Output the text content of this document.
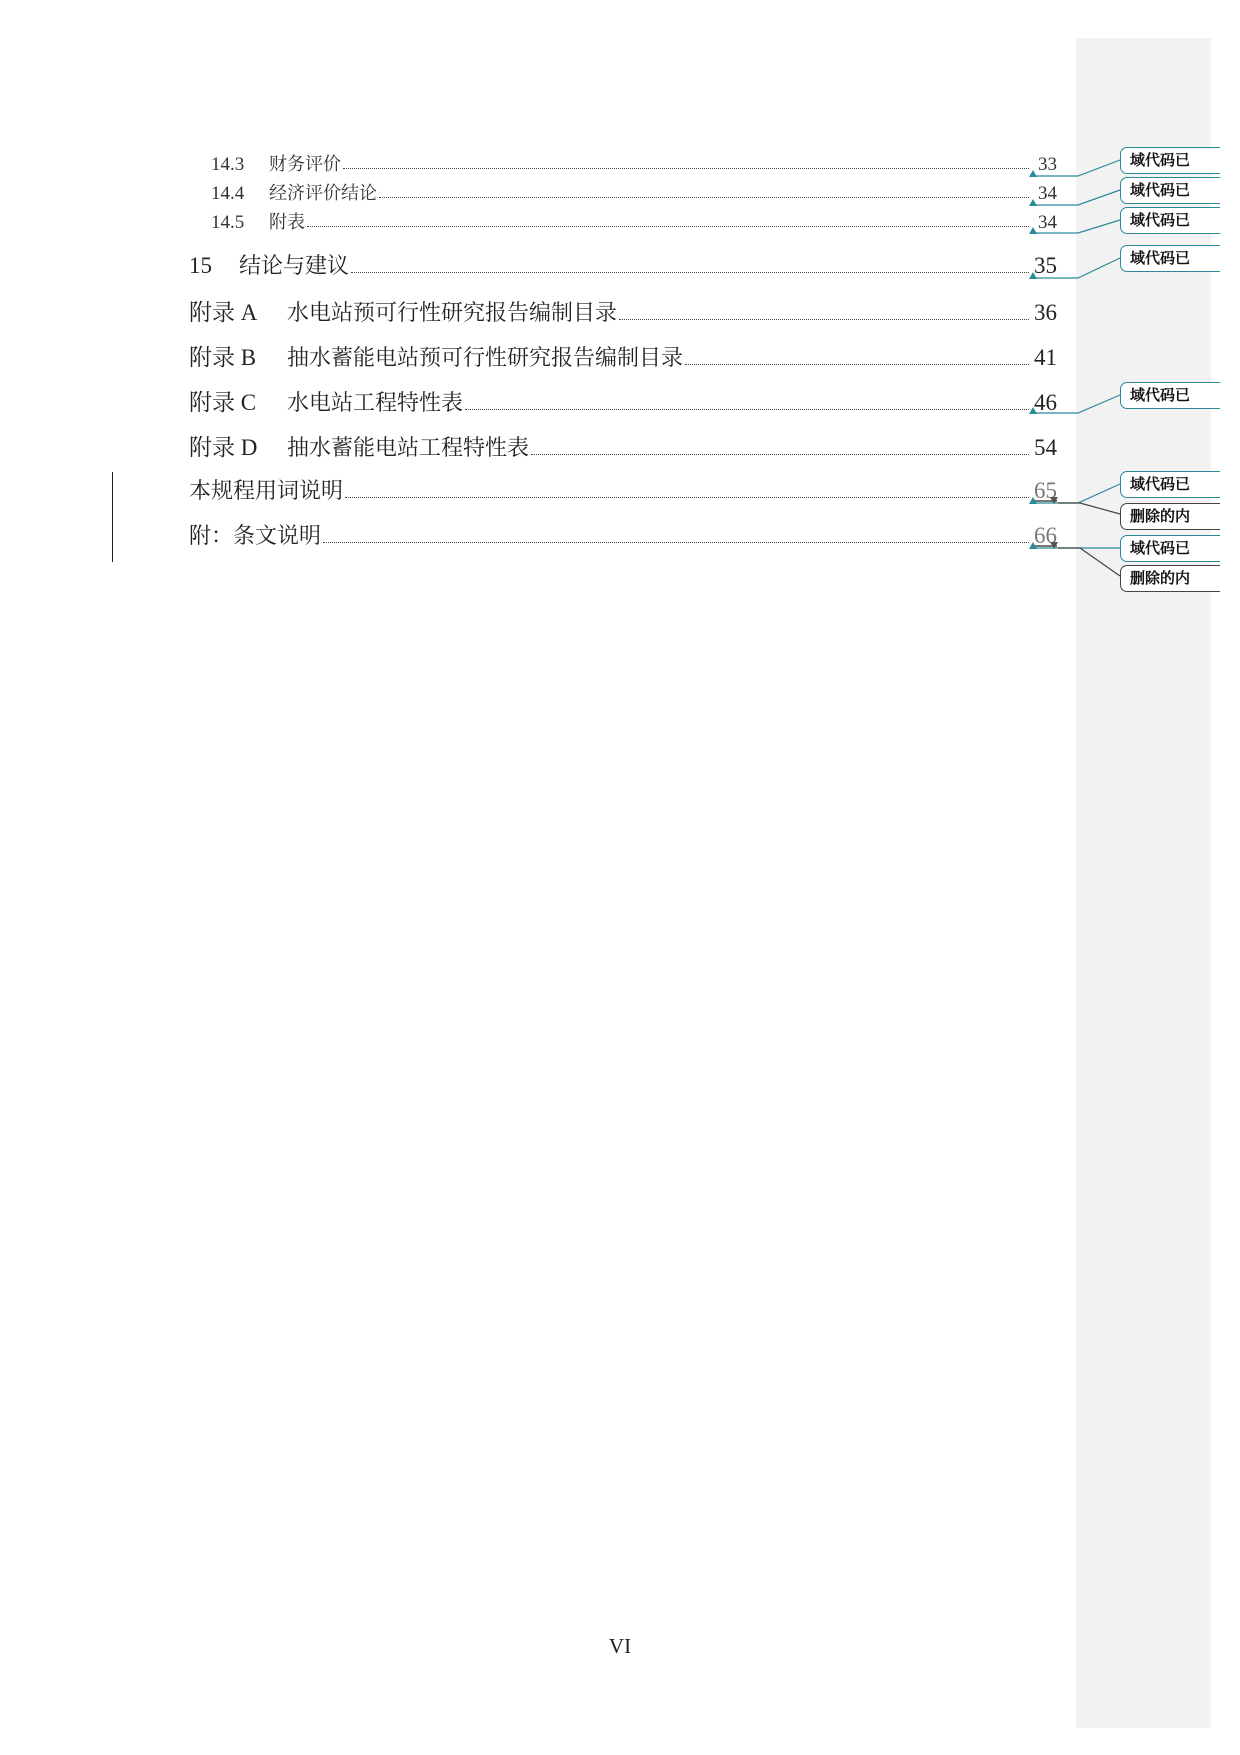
14.3	财务评价	33
14.4	经济评价结论	34
14.5	附表	34
15	结论与建议	35
附录 A	水电站预可行性研究报告编制目录	36
附录 B	抽水蓄能电站预可行性研究报告编制目录	41
附录 C	水电站工程特性表	46
附录 D	抽水蓄能电站工程特性表	54
本规程用词说明	65
附：条文说明	66
域代码已
域代码已
域代码已
域代码已
域代码已
域代码已
删除的内
域代码已
删除的内
VI
